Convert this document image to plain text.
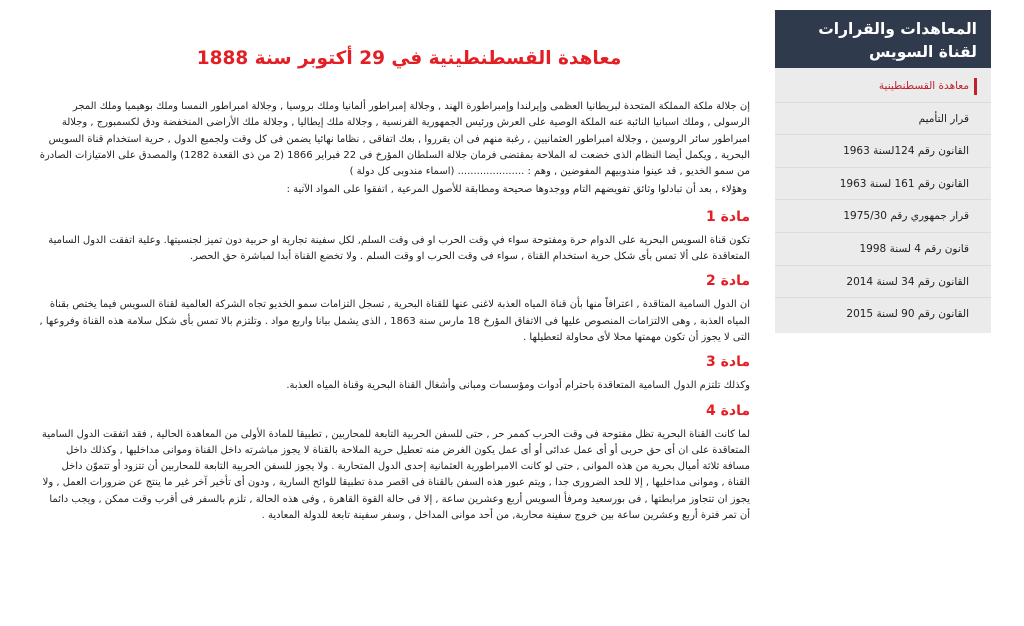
المعاهدات والقرارات لقناة السويس
معاهدة القسطنطينية
قرار التأميم
القانون رقم 124لسنة 1963
القانون رقم 161 لسنة 1963
قرار جمهوري رقم 1975/30
قانون رقم 4 لسنة 1998
القانون رقم 34 لسنة 2014
القانون رقم 90 لسنة 2015
معاهدة القسطنطينية في 29 أكتوبر سنة 1888

إن جلالة ملكة المملكة المتحدة لبريطانيا العظمى وإيرلندا وإمبراطورة الهند , وجلالة إمبراطور ألمانيا وملك بروسيا , وجلالة امبراطور النمسا وملك بوهيميا وملك المجر الرسولى , وملك اسبانيا النائبة عنه الملكة الوصية على العرش ورئيس الجمهورية الفرنسية , وجلالة ملك إيطاليا , وجلالة ملك الأراضى المنخفضة ودق لكسمبورج , وجلالة امبراطور سائر الروسين , وجلالة امبراطور العثمانيين , رغبة منهم فى ان يقرروا , بعك اتفاقى , نظاما نهائيا يضمن فى كل وقت ولجميع الدول , حرية استخدام قناة السويس البحرية , ويكمل أيضا النظام الذى خضعت له الملاحة بمقتضى فرمان جلالة السلطان المؤرخ فى 22 فبراير 1866 (2 من ذى القعدة 1282) والمصدق على الامتيازات الصادرة من سمو الخديو , قد عينوا مندوبيهم المفوضين , وهم : ..................... (اسماء مندوبى كل دولة )

وهؤلاء , بعد أن تبادلوا وثائق تفويضهم التام ووجدوها صحيحة ومطابقة للأصول المرعية , اتفقوا على المواد الآتية :

مادة 1

تكون قناة السويس البحرية على الدوام حرة ومفتوحة سواء في وقت الحرب او فى وقت السلم, لكل سفينة تجارية او حربية دون تميز لجنسيتها. وعلية اتفقت الدول السامية المتعاقدة على ألا تمس بأى شكل حرية استخدام القناة , سواء فى وقت الحرب او وقت السلم . ولا تخضع القناة أبدا لمباشرة حق الحصر.

مادة 2

ان الدول السامية المتاقدة , اعترافاً منها بأن قناة المياه العذبة لاغنى عنها للقناة البحرية , تسجل التزامات سمو الخديو تجاه الشركة العالمية لقناة السويس فيما يختص بقناة المياه العذبة , وهى الالتزامات المنصوص عليها فى الاتفاق المؤرخ 18 مارس سنة 1863 , الذى يشمل بيانا واربع مواد . وتلتزم بالا تمس بأى شكل سلامة هذه القناة وفروعها , التى لا يجوز أن تكون مهمتها محلا لأى محاولة لتعطيلها .

مادة 3

وكذلك تلتزم الدول السامية المتعاقدة باحترام أدوات ومؤسسات ومبانى وأشغال القناة البحرية وقناة المياه العذبة.

مادة 4

لما كانت القناة البحرية تظل مفتوحة فى وقت الحرب كممر حر , حتى للسفن الحربية التابعة للمحاربين , تطبيقا للمادة الأولى من المعاهدة الحالية , فقد اتفقت الدول السامية المتعاقدة على ان أى حق حربى أو أى عمل عدائى أو أى عمل يكون الغرض منه تعطيل حرية الملاحة بالقناة لا يجوز مباشرته داخل القناة وموانى مداخليها , وكذلك داخل مسافة ثلاثة أميال بحرية من هذه الموانى , حتى لو كانت الامبراطورية العثمانية إحدى الدول المتحاربة . ولا يجوز للسفن الحربية التابعة للمحاربين أن تتزود أو تتموّن داخل القناة , وموانى مداخليها , إلا للحد الضرورى جدا , ويتم عبور هذه السفن بالقناة فى اقصر مدة تطبيقا للوائح السارية , ودون أى تأخير آخر غير ما ينتج عن ضرورات العمل , ولا يجوز ان تتجاوز مرابطتها , فى بورسعيد ومرفأ السويس أربع وعشرين ساعة , إلا فى حالة القوة القاهرة , وفى هذه الحالة , تلزم بالسفر فى أقرب وقت ممكن , ويجب دائما أن تمر فترة أربع وعشرين ساعة بين خروج سفينة محاربة, من أحد موانى المداخل , وسفر سفينة تابعة للدولة المعادية .
